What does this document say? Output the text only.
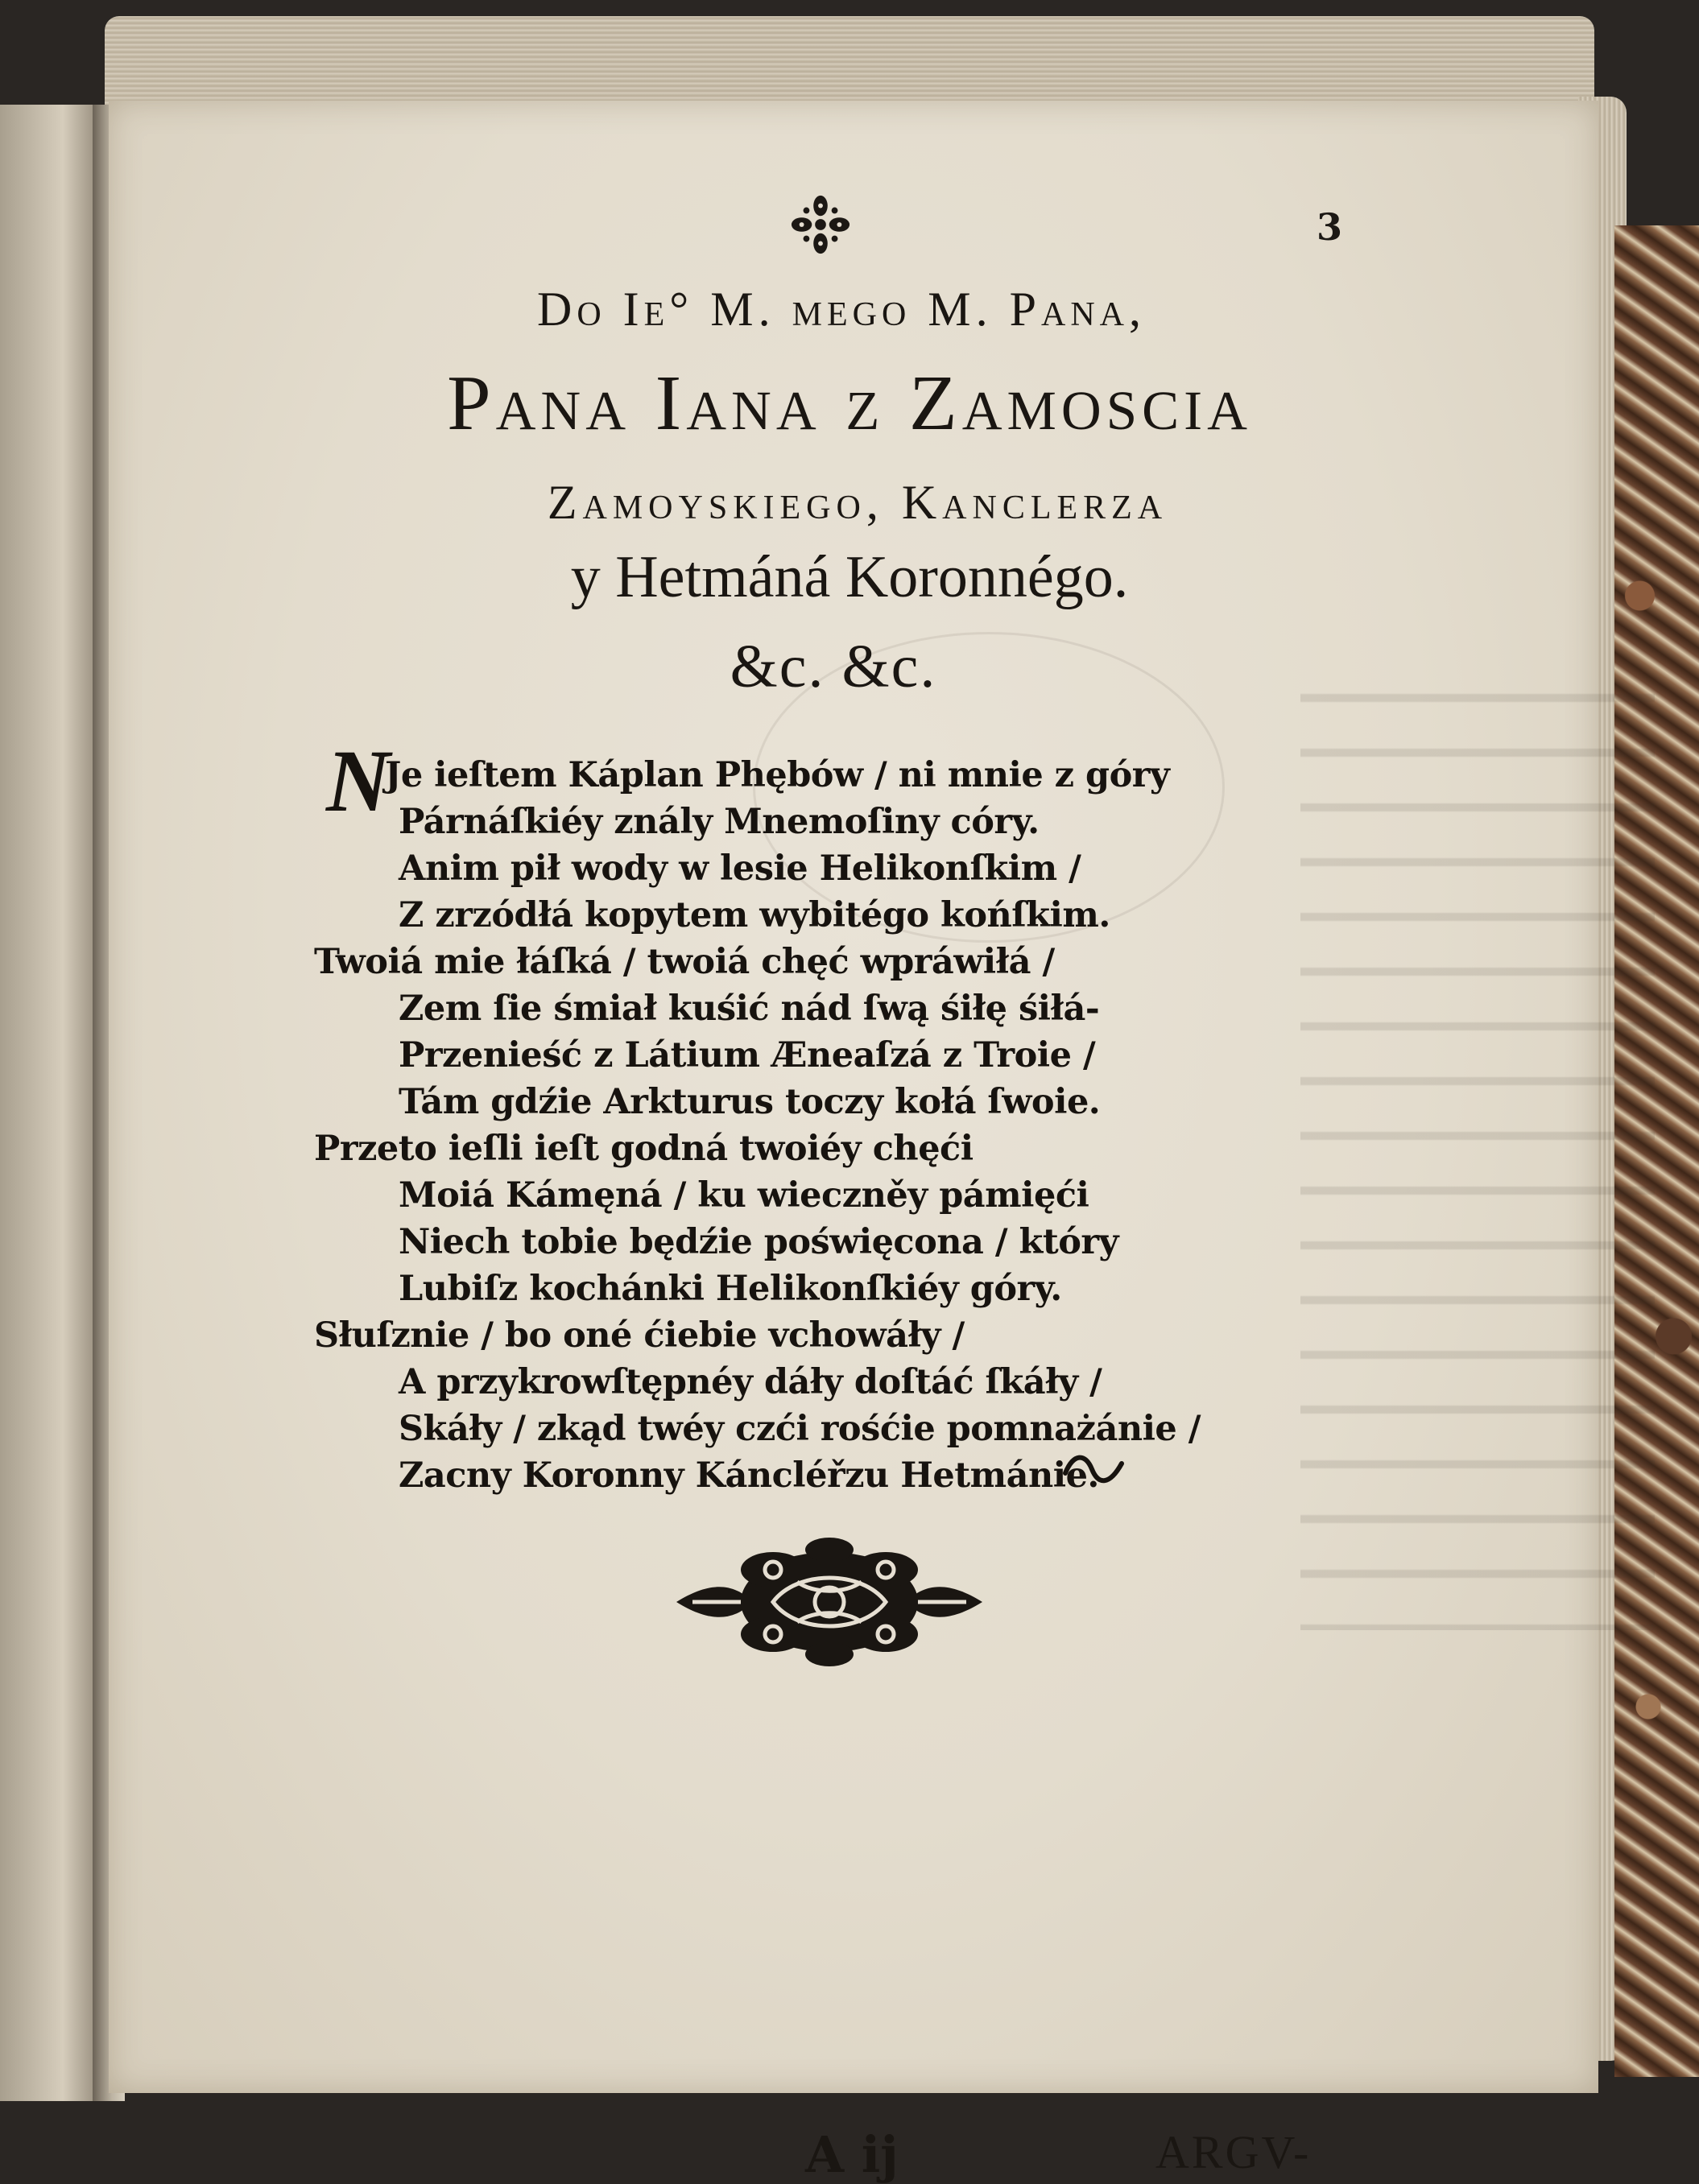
3
Do Ie° M. mego M. Pana,
Pana Iana z Zamoscia
Zamoyskiego, Kanclerza
y Hetmáná Koronnégo.
&c. &c.
N
Je ieſtem Káplan Phębów / ni mnie z góry
Párnáſkiéy znály Mnemoſiny córy.
Anim pił wody w lesie Helikonſkim /
Z zrzódłá kopytem wybitégo końſkim.
Twoiá mie łáſká / twoiá chęć wpráwiłá /
Zem ſie śmiał kuśić nád ſwą śiłę śiłá-
Przenieść z Látium Æneaſzá z Troie /
Tám gdźie Arkturus toczy kołá ſwoie.
Przeto ieſli ieſt godná twoiéy chęći
Moiá Kámęná / ku wieczněy pámięći
Niech tobie będźie poświęcona / który
Lubiſz kochánki Helikonſkiéy góry.
Słuſznie / bo oné ćiebie vchowáły /
A przykrowſtępnéy dáły doſtáć ſkáły /
Skáły / zkąd twéy czći rośćie pomnażánie /
Zacny Koronny Káncléřzu Hetmánie.
A ij	ARGV-
